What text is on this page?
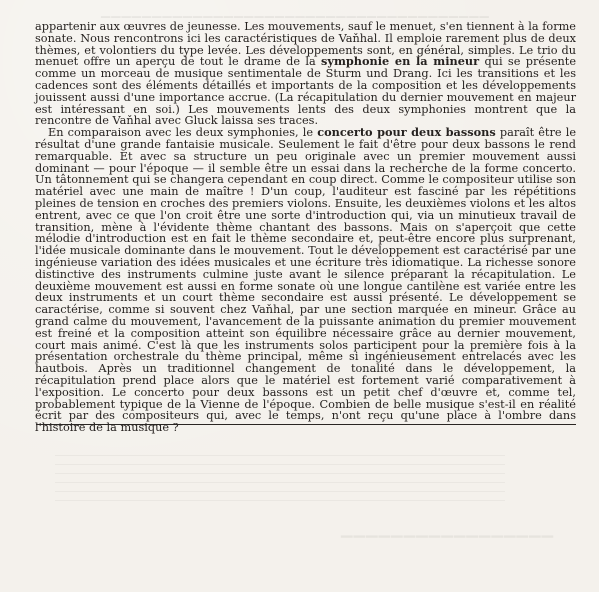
▁▁▁▁▁▁▁▁▁▁▁▁▁▁▁▁▁▁▁▁▁▁▁▁▁▁▁▁▁▁▁▁▁▁▁▁▁▁
▁▁▁▁▁▁▁▁▁▁▁▁▁▁▁▁▁

appartenir aux œuvres de jeunesse. Les mouvements, sauf le menuet, s'en tiennent à la forme sonate. Nous rencontrons ici les caractéristiques de Vaňhal. Il emploie rarement plus de deux thèmes, et volontiers du type levée. Les développements sont, en général, simples. Le trio du menuet offre un aperçu de tout le drame de la symphonie en la mineur qui se présente comme un morceau de musique sentimentale de Sturm und Drang. Ici les transitions et les cadences sont des éléments détaillés et importants de la composition et les développements jouissent aussi d'une importance accrue. (La récapitulation du dernier mouvement en majeur est intéressant en soi.) Les mouvements lents des deux symphonies montrent que la rencontre de Vaňhal avec Gluck laissa ses traces.

En comparaison avec les deux symphonies, le concerto pour deux bassons paraît être le résultat d'une grande fantaisie musicale. Seulement le fait d'être pour deux bassons le rend remarquable. Et avec sa structure un peu originale avec un premier mouvement aussi dominant — pour l'époque — il semble être un essai dans la recherche de la forme concerto. Un tâtonnement qui se changera cependant en coup direct. Comme le compositeur utilise son matériel avec une main de maître ! D'un coup, l'auditeur est fasciné par les répétitions pleines de tension en croches des premiers violons. Ensuite, les deuxièmes violons et les altos entrent, avec ce que l'on croit être une sorte d'introduction qui, via un minutieux travail de transition, mène à l'évidente thème chantant des bassons. Mais on s'aperçoit que cette mélodie d'introduction est en fait le thème secondaire et, peut-être encore plus surprenant, l'idée musicale dominante dans le mouvement. Tout le développement est caractérisé par une ingénieuse variation des idées musicales et une écriture très idiomatique. La richesse sonore distinctive des instruments culmine juste avant le silence préparant la récapitulation. Le deuxième mouvement est aussi en forme sonate où une longue cantilène est variée entre les deux instruments et un court thème secondaire est aussi présenté. Le développement se caractérise, comme si souvent chez Vaňhal, par une section marquée en mineur. Grâce au grand calme du mouvement, l'avancement de la puissante animation du premier mouvement est freiné et la composition atteint son équilibre nécessaire grâce au dernier mouvement, court mais animé. C'est là que les instruments solos participent pour la première fois à la présentation orchestrale du thème principal, même si ingénieusement entrelacés avec les hautbois. Après un traditionnel changement de tonalité dans le développement, la récapitulation prend place alors que le matériel est fortement varié comparativement à l'exposition. Le concerto pour deux bassons est un petit chef d'œuvre et, comme tel, probablement typique de la Vienne de l'époque. Combien de belle musique s'est-il en réalité écrit par des compositeurs qui, avec le temps, n'ont reçu qu'une place à l'ombre dans l'histoire de la musique ?
